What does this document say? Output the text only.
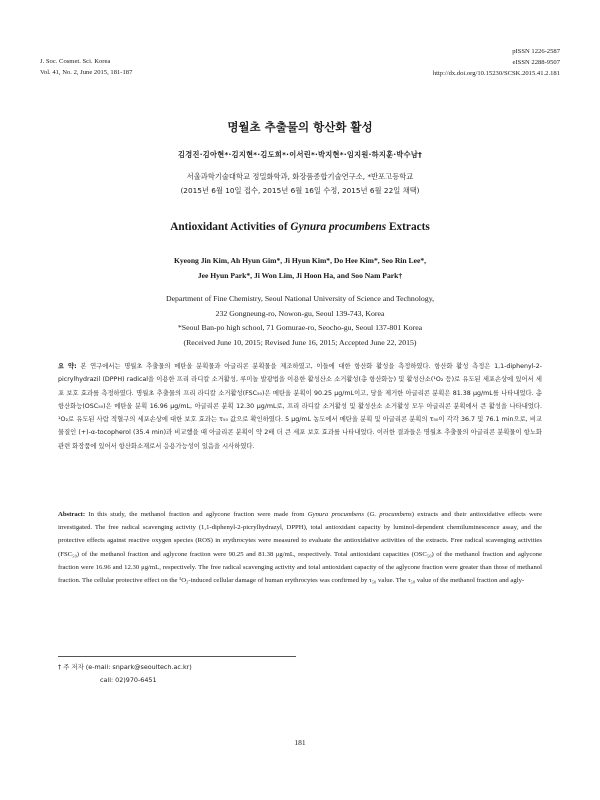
J. Soc. Cosmet. Sci. Korea
Vol. 41, No. 2, June 2015, 181-187
pISSN 1226-2587
eISSN 2288-9507
http://dx.doi.org/10.15230/SCSK.2015.41.2.181
명월초 추출물의 항산화 활성
김경진·김아현*·김지현*·김도희*·이서린*·박지현*·임지원·하지훈·박수남†
서울과학기술대학교 정밀화학과, 화장품종합기술연구소, *반포고등학교
(2015년 6월 10일 접수, 2015년 6월 16일 수정, 2015년 6월 22일 채택)
Antioxidant Activities of Gynura procumbens Extracts
Kyeong Jin Kim, Ah Hyun Gim*, Ji Hyun Kim*, Do Hee Kim*, Seo Rin Lee*,
Jee Hyun Park*, Ji Won Lim, Ji Hoon Ha, and Soo Nam Park†
Department of Fine Chemistry, Seoul National University of Science and Technology,
232 Gongneung-ro, Nowon-gu, Seoul 139-743, Korea
*Seoul Ban-po high school, 71 Gomurae-ro, Seocho-gu, Seoul 137-801 Korea
(Received June 10, 2015; Revised June 16, 2015; Accepted June 22, 2015)
요 약: 본 연구에서는 명월초 추출물의 메탄올 분획물과 아글리콘 분획물을 제조하였고, 이들에 대한 항산화 활성을 측정하였다. 항산화 활성 측정은 1,1-diphenyl-2-picrylhydrazil (DPPH) radical을 이용한 프리 라디칼 소거활성, 루미놀 발광법을 이용한 활성산소 소거활성(총 항산화능) 및 활성산소(¹O₂ 등)로 유도된 세포손상에 있어서 세포 보호 효과를 측정하였다. 명월초 추출물의 프리 라디칼 소거활성(FSC₅₀)은 메탄올 분획이 90.25 μg/mL이고, 당을 제거한 아글리콘 분획은 81.38 μg/mL를 나타내었다. 총 항산화능(OSC₅₀)은 메탄올 분획 16.96 μg/mL, 아글리콘 분획 12.30 μg/mL로, 프리 라디칼 소거활성 및 활성산소 소거활성 모두 아글리콘 분획에서 큰 활성을 나타내었다. ¹O₂로 유도된 사람 적혈구의 세포손상에 대한 보호 효과는 τ₅₀ 값으로 확인하였다. 5 μg/mL 농도에서 메탄올 분획 및 아글리콘 분획의 τ₅₀이 각각 36.7 및 76.1 min으로, 비교 물질인 (+)-α-tocopherol (35.4 min)과 비교했을 때 아글리콘 분획이 약 2배 더 큰 세포 보호 효과를 나타내었다. 이러한 결과들은 명월초 추출물의 아글리콘 분획물이 항노화 관련 화장품에 있어서 항산화소재로서 응용가능성이 있음을 시사하였다.
Abstract: In this study, the methanol fraction and aglycone fraction were made from Gynura procumbens (G. procumbens) extracts and their antioxidative effects were investigated. The free radical scavenging activity (1,1-diphenyl-2-picrylhydrazyl, DPPH), total antioxidant capacity by luminol-dependent chemiluminescence assay, and the protective effects against reactive oxygen species (ROS) in erythrocytes were measured to evaluate the antioxidative activities of the extracts. Free radical scavenging activities (FSC₅₀) of the methanol fraction and aglycone fraction were 90.25 and 81.38 μg/mL, respectively. Total antioxidant capacities (OSC₅₀) of the methanol fraction and aglycone fraction were 16.96 and 12.30 μg/mL, respectively. The free radical scavenging activity and total antioxidant capacity of the aglycone fraction were greater than those of methanol fraction. The cellular protective effect on the ¹O₂-induced cellular damage of human erythrocytes was confirmed by τ₅₀ value. The τ₅₀ value of the methanol fraction and agly-
† 주 저자 (e-mail: snpark@seoultech.ac.kr)
call: 02)970-6451
181
